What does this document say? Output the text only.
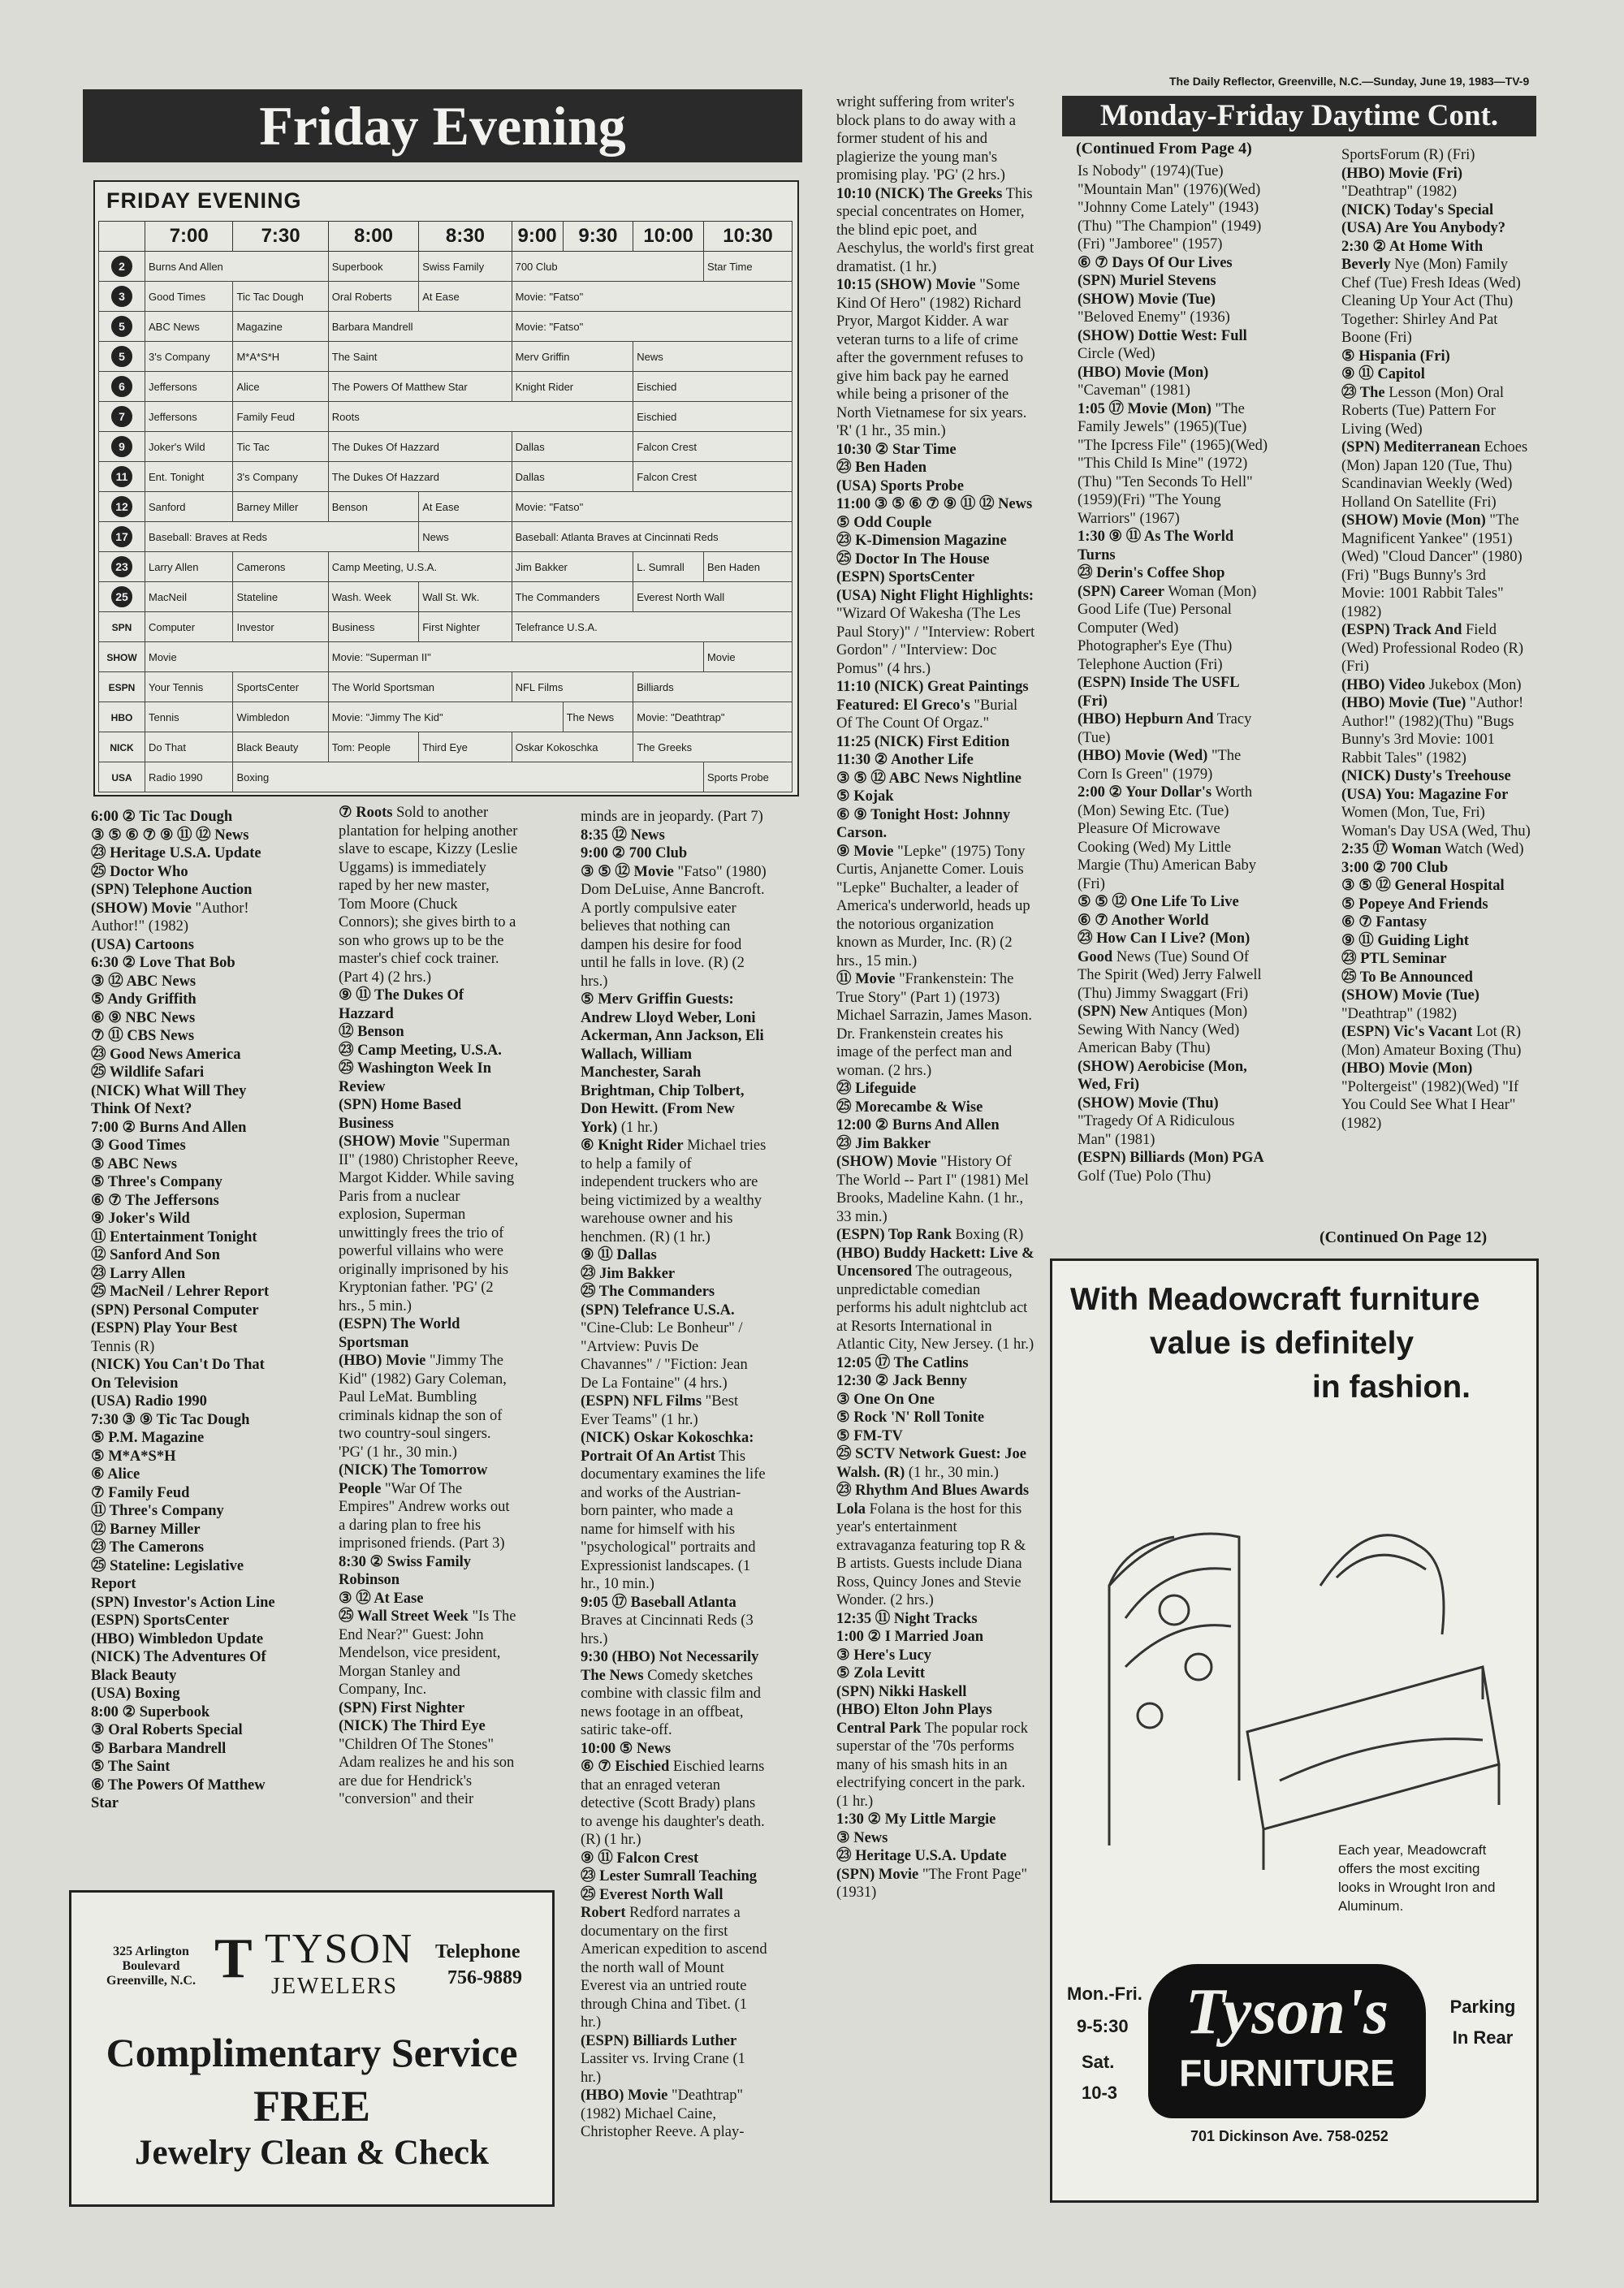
The Daily Reflector, Greenville, N.C.—Sunday, June 19, 1983—TV-9
Friday Evening
FRIDAY EVENING
	7:00	7:30	8:00	8:30	9:00	9:30	10:00	10:30
2	Burns And Allen		Superbook	Swiss Family	700 Club			Star Time
3	Good Times	Tic Tac Dough	Oral Roberts	At Ease	Movie: "Fatso"			
5	ABC News	Magazine	Barbara Mandrell		Movie: "Fatso"			
5	3's Company	M*A*S*H	The Saint		Merv Griffin		News	
6	Jeffersons	Alice	The Powers Of Matthew Star		Knight Rider		Eischied	
7	Jeffersons	Family Feud	Roots				Eischied	
9	Joker's Wild	Tic Tac	The Dukes Of Hazzard		Dallas		Falcon Crest	
11	Ent. Tonight	3's Company	The Dukes Of Hazzard		Dallas		Falcon Crest	
12	Sanford	Barney Miller	Benson	At Ease	Movie: "Fatso"			
17	Baseball: Braves at Reds			News	Baseball: Atlanta Braves at Cincinnati Reds			
23	Larry Allen	Camerons	Camp Meeting, U.S.A.		Jim Bakker		L. Sumrall	Ben Haden
25	MacNeil	Stateline	Wash. Week	Wall St. Wk.	The Commanders		Everest North Wall	
SPN	Computer	Investor	Business	First Nighter	Telefrance U.S.A.			
SHOW	Movie		Movie: "Superman II"					Movie
ESPN	Your Tennis	SportsCenter	The World Sportsman		NFL Films		Billiards	
HBO	Tennis	Wimbledon	Movie: "Jimmy The Kid"			The News	Movie: "Deathtrap"	
NICK	Do That	Black Beauty	Tom: People	Third Eye	Oskar Kokoschka		The Greeks	
USA	Radio 1990	Boxing						Sports Probe
Monday-Friday Daytime Cont.
(Continued From Page 4)

6:00 ② Tic Tac Dough

③ ⑤ ⑥ ⑦ ⑨ ⑪ ⑫ News

㉓ Heritage U.S.A. Update

㉕ Doctor Who

(SPN) Telephone Auction

(SHOW) Movie "Author! Author!" (1982)

(USA) Cartoons

6:30 ② Love That Bob

③ ⑫ ABC News

⑤ Andy Griffith

⑥ ⑨ NBC News

⑦ ⑪ CBS News

㉓ Good News America

㉕ Wildlife Safari

(NICK) What Will They Think Of Next?

7:00 ② Burns And Allen

③ Good Times

⑤ ABC News

⑤ Three's Company

⑥ ⑦ The Jeffersons

⑨ Joker's Wild

⑪ Entertainment Tonight

⑫ Sanford And Son

㉓ Larry Allen

㉕ MacNeil / Lehrer Report

(SPN) Personal Computer

(ESPN) Play Your Best Tennis (R)

(NICK) You Can't Do That On Television

(USA) Radio 1990

7:30 ③ ⑨ Tic Tac Dough

⑤ P.M. Magazine

⑤ M*A*S*H

⑥ Alice

⑦ Family Feud

⑪ Three's Company

⑫ Barney Miller

㉓ The Camerons

㉕ Stateline: Legislative Report

(SPN) Investor's Action Line

(ESPN) SportsCenter

(HBO) Wimbledon Update

(NICK) The Adventures Of Black Beauty

(USA) Boxing

8:00 ② Superbook

③ Oral Roberts Special

⑤ Barbara Mandrell

⑤ The Saint

⑥ The Powers Of Matthew Star

⑦ Roots Sold to another plantation for helping another slave to escape, Kizzy (Leslie Uggams) is immediately raped by her new master, Tom Moore (Chuck Connors); she gives birth to a son who grows up to be the master's chief cock trainer. (Part 4) (2 hrs.)

⑨ ⑪ The Dukes Of Hazzard

⑫ Benson

㉓ Camp Meeting, U.S.A.

㉕ Washington Week In Review

(SPN) Home Based Business

(SHOW) Movie "Superman II" (1980) Christopher Reeve, Margot Kidder. While saving Paris from a nuclear explosion, Superman unwittingly frees the trio of powerful villains who were originally imprisoned by his Kryptonian father. 'PG' (2 hrs., 5 min.)

(ESPN) The World Sportsman

(HBO) Movie "Jimmy The Kid" (1982) Gary Coleman, Paul LeMat. Bumbling criminals kidnap the son of two country-soul singers. 'PG' (1 hr., 30 min.)

(NICK) The Tomorrow People "War Of The Empires" Andrew works out a daring plan to free his imprisoned friends. (Part 3)

8:30 ② Swiss Family Robinson

③ ⑫ At Ease

㉕ Wall Street Week "Is The End Near?" Guest: John Mendelson, vice president, Morgan Stanley and Company, Inc.

(SPN) First Nighter

(NICK) The Third Eye "Children Of The Stones" Adam realizes he and his son are due for Hendrick's "conversion" and their

minds are in jeopardy. (Part 7)

8:35 ⑫ News

9:00 ② 700 Club

③ ⑤ ⑫ Movie "Fatso" (1980) Dom DeLuise, Anne Bancroft. A portly compulsive eater believes that nothing can dampen his desire for food until he falls in love. (R) (2 hrs.)

⑤ Merv Griffin Guests: Andrew Lloyd Weber, Loni Ackerman, Ann Jackson, Eli Wallach, William Manchester, Sarah Brightman, Chip Tolbert, Don Hewitt. (From New York) (1 hr.)

⑥ Knight Rider Michael tries to help a family of independent truckers who are being victimized by a wealthy warehouse owner and his henchmen. (R) (1 hr.)

⑨ ⑪ Dallas

㉓ Jim Bakker

㉕ The Commanders

(SPN) Telefrance U.S.A. "Cine-Club: Le Bonheur" / "Artview: Puvis De Chavannes" / "Fiction: Jean De La Fontaine" (4 hrs.)

(ESPN) NFL Films "Best Ever Teams" (1 hr.)

(NICK) Oskar Kokoschka: Portrait Of An Artist This documentary examines the life and works of the Austrian-born painter, who made a name for himself with his "psychological" portraits and Expressionist landscapes. (1 hr., 10 min.)

9:05 ⑰ Baseball Atlanta Braves at Cincinnati Reds (3 hrs.)

9:30 (HBO) Not Necessarily The News Comedy sketches combine with classic film and news footage in an offbeat, satiric take-off.

10:00 ⑤ News

⑥ ⑦ Eischied Eischied learns that an enraged veteran detective (Scott Brady) plans to avenge his daughter's death. (R) (1 hr.)

⑨ ⑪ Falcon Crest

㉓ Lester Sumrall Teaching

㉕ Everest North Wall Robert Redford narrates a documentary on the first American expedition to ascend the north wall of Mount Everest via an untried route through China and Tibet. (1 hr.)

(ESPN) Billiards Luther Lassiter vs. Irving Crane (1 hr.)

(HBO) Movie "Deathtrap" (1982) Michael Caine, Christopher Reeve. A play-

wright suffering from writer's block plans to do away with a former student of his and plagierize the young man's promising play. 'PG' (2 hrs.)

10:10 (NICK) The Greeks This special concentrates on Homer, the blind epic poet, and Aeschylus, the world's first great dramatist. (1 hr.)

10:15 (SHOW) Movie "Some Kind Of Hero" (1982) Richard Pryor, Margot Kidder. A war veteran turns to a life of crime after the government refuses to give him back pay he earned while being a prisoner of the North Vietnamese for six years. 'R' (1 hr., 35 min.)

10:30 ② Star Time

㉓ Ben Haden

(USA) Sports Probe

11:00 ③ ⑤ ⑥ ⑦ ⑨ ⑪ ⑫ News

⑤ Odd Couple

㉓ K-Dimension Magazine

㉕ Doctor In The House

(ESPN) SportsCenter

(USA) Night Flight Highlights: "Wizard Of Wakesha (The Les Paul Story)" / "Interview: Robert Gordon" / "Interview: Doc Pomus" (4 hrs.)

11:10 (NICK) Great Paintings Featured: El Greco's "Burial Of The Count Of Orgaz."

11:25 (NICK) First Edition

11:30 ② Another Life

③ ⑤ ⑫ ABC News Nightline

⑤ Kojak

⑥ ⑨ Tonight Host: Johnny Carson.

⑨ Movie "Lepke" (1975) Tony Curtis, Anjanette Comer. Louis "Lepke" Buchalter, a leader of America's underworld, heads up the notorious organization known as Murder, Inc. (R) (2 hrs., 15 min.)

⑪ Movie "Frankenstein: The True Story" (Part 1) (1973) Michael Sarrazin, James Mason. Dr. Frankenstein creates his image of the perfect man and woman. (2 hrs.)

㉓ Lifeguide

㉕ Morecambe & Wise

12:00 ② Burns And Allen

㉓ Jim Bakker

(SHOW) Movie "History Of The World -- Part I" (1981) Mel Brooks, Madeline Kahn. (1 hr., 33 min.)

(ESPN) Top Rank Boxing (R)

(HBO) Buddy Hackett: Live & Uncensored The outrageous, unpredictable comedian performs his adult nightclub act at Resorts International in Atlantic City, New Jersey. (1 hr.)

12:05 ⑰ The Catlins

12:30 ② Jack Benny

③ One On One

⑤ Rock 'N' Roll Tonite

⑤ FM-TV

㉕ SCTV Network Guest: Joe Walsh. (R) (1 hr., 30 min.)

㉓ Rhythm And Blues Awards Lola Folana is the host for this year's entertainment extravaganza featuring top R & B artists. Guests include Diana Ross, Quincy Jones and Stevie Wonder. (2 hrs.)

12:35 ⑪ Night Tracks

1:00 ② I Married Joan

③ Here's Lucy

⑤ Zola Levitt

(SPN) Nikki Haskell

(HBO) Elton John Plays Central Park The popular rock superstar of the '70s performs many of his smash hits in an electrifying concert in the park. (1 hr.)

1:30 ② My Little Margie

③ News

㉓ Heritage U.S.A. Update

(SPN) Movie "The Front Page" (1931)

Is Nobody" (1974)(Tue) "Mountain Man" (1976)(Wed) "Johnny Come Lately" (1943)(Thu) "The Champion" (1949)(Fri) "Jamboree" (1957)

⑥ ⑦ Days Of Our Lives

(SPN) Muriel Stevens

(SHOW) Movie (Tue) "Beloved Enemy" (1936)

(SHOW) Dottie West: Full Circle (Wed)

(HBO) Movie (Mon) "Caveman" (1981)

1:05 ⑰ Movie (Mon) "The Family Jewels" (1965)(Tue) "The Ipcress File" (1965)(Wed) "This Child Is Mine" (1972)(Thu) "Ten Seconds To Hell" (1959)(Fri) "The Young Warriors" (1967)

1:30 ⑨ ⑪ As The World Turns

㉓ Derin's Coffee Shop

(SPN) Career Woman (Mon) Good Life (Tue) Personal Computer (Wed) Photographer's Eye (Thu) Telephone Auction (Fri)

(ESPN) Inside The USFL (Fri)

(HBO) Hepburn And Tracy (Tue)

(HBO) Movie (Wed) "The Corn Is Green" (1979)

2:00 ② Your Dollar's Worth (Mon) Sewing Etc. (Tue) Pleasure Of Microwave Cooking (Wed) My Little Margie (Thu) American Baby (Fri)

⑤ ⑤ ⑫ One Life To Live

⑥ ⑦ Another World

㉓ How Can I Live? (Mon) Good News (Tue) Sound Of The Spirit (Wed) Jerry Falwell (Thu) Jimmy Swaggart (Fri)

(SPN) New Antiques (Mon) Sewing With Nancy (Wed) American Baby (Thu)

(SHOW) Aerobicise (Mon, Wed, Fri)

(SHOW) Movie (Thu) "Tragedy Of A Ridiculous Man" (1981)

(ESPN) Billiards (Mon) PGA Golf (Tue) Polo (Thu)

SportsForum (R) (Fri)

(HBO) Movie (Fri) "Deathtrap" (1982)

(NICK) Today's Special

(USA) Are You Anybody?

2:30 ② At Home With Beverly Nye (Mon) Family Chef (Tue) Fresh Ideas (Wed) Cleaning Up Your Act (Thu) Together: Shirley And Pat Boone (Fri)

⑤ Hispania (Fri)

⑨ ⑪ Capitol

㉓ The Lesson (Mon) Oral Roberts (Tue) Pattern For Living (Wed)

(SPN) Mediterranean Echoes (Mon) Japan 120 (Tue, Thu) Scandinavian Weekly (Wed) Holland On Satellite (Fri)

(SHOW) Movie (Mon) "The Magnificent Yankee" (1951)(Wed) "Cloud Dancer" (1980)(Fri) "Bugs Bunny's 3rd Movie: 1001 Rabbit Tales" (1982)

(ESPN) Track And Field (Wed) Professional Rodeo (R)(Fri)

(HBO) Video Jukebox (Mon)

(HBO) Movie (Tue) "Author! Author!" (1982)(Thu) "Bugs Bunny's 3rd Movie: 1001 Rabbit Tales" (1982)

(NICK) Dusty's Treehouse

(USA) You: Magazine For Women (Mon, Tue, Fri) Woman's Day USA (Wed, Thu)

2:35 ⑰ Woman Watch (Wed)

3:00 ② 700 Club

③ ⑤ ⑫ General Hospital

⑤ Popeye And Friends

⑥ ⑦ Fantasy

⑨ ⑪ Guiding Light

㉓ PTL Seminar

㉕ To Be Announced

(SHOW) Movie (Tue) "Deathtrap" (1982)

(ESPN) Vic's Vacant Lot (R) (Mon) Amateur Boxing (Thu)

(HBO) Movie (Mon) "Poltergeist" (1982)(Wed) "If You Could See What I Hear" (1982)

(Continued On Page 12)
325 Arlington Boulevard Greenville, N.C. T TYSON
JEWELERS
Telephone
756-9889
Complimentary Service
FREE
Jewelry Clean & Check
With Meadowcraft furniture
value is definitely
in fashion.
Each year, Meadowcraft offers the most exciting looks in Wrought Iron and Aluminum.
Mon.-Fri.
9-5:30
Sat.
10-3
Tyson's
FURNITURE
Parking In Rear
701 Dickinson Ave. 758-0252
